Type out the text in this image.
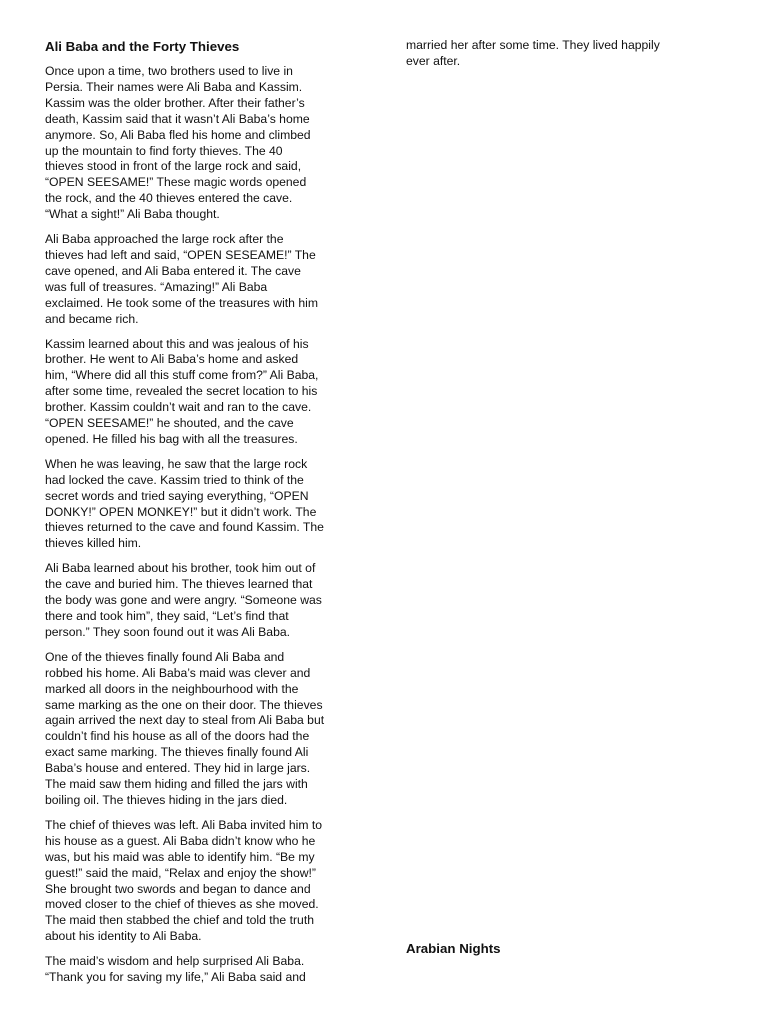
Ali Baba and the Forty Thieves

Once upon a time, two brothers used to live in
Persia. Their names were Ali Baba and Kassim.
Kassim was the older brother. After their father’s
death, Kassim said that it wasn’t Ali Baba’s home
anymore. So, Ali Baba fled his home and climbed
up the mountain to find forty thieves. The 40
thieves stood in front of the large rock and said,
“OPEN SEESAME!” These magic words opened
the rock, and the 40 thieves entered the cave.
“What a sight!” Ali Baba thought.

Ali Baba approached the large rock after the
thieves had left and said, “OPEN SESEAME!” The
cave opened, and Ali Baba entered it. The cave
was full of treasures. “Amazing!” Ali Baba
exclaimed. He took some of the treasures with him
and became rich.

Kassim learned about this and was jealous of his
brother. He went to Ali Baba’s home and asked
him, “Where did all this stuff come from?” Ali Baba,
after some time, revealed the secret location to his
brother. Kassim couldn’t wait and ran to the cave.
“OPEN SEESAME!” he shouted, and the cave
opened. He filled his bag with all the treasures.

When he was leaving, he saw that the large rock
had locked the cave. Kassim tried to think of the
secret words and tried saying everything, “OPEN
DONKY!” OPEN MONKEY!” but it didn’t work. The
thieves returned to the cave and found Kassim. The
thieves killed him.

Ali Baba learned about his brother, took him out of
the cave and buried him. The thieves learned that
the body was gone and were angry. “Someone was
there and took him”, they said, “Let’s find that
person.” They soon found out it was Ali Baba.

One of the thieves finally found Ali Baba and
robbed his home. Ali Baba’s maid was clever and
marked all doors in the neighbourhood with the
same marking as the one on their door. The thieves
again arrived the next day to steal from Ali Baba but
couldn’t find his house as all of the doors had the
exact same marking. The thieves finally found Ali
Baba’s house and entered. They hid in large jars.
The maid saw them hiding and filled the jars with
boiling oil. The thieves hiding in the jars died.

The chief of thieves was left. Ali Baba invited him to
his house as a guest. Ali Baba didn’t know who he
was, but his maid was able to identify him. “Be my
guest!” said the maid, “Relax and enjoy the show!”
She brought two swords and began to dance and
moved closer to the chief of thieves as she moved.
The maid then stabbed the chief and told the truth
about his identity to Ali Baba.

The maid’s wisdom and help surprised Ali Baba.
“Thank you for saving my life,” Ali Baba said and

married her after some time. They lived happily
ever after.

Arabian Nights
